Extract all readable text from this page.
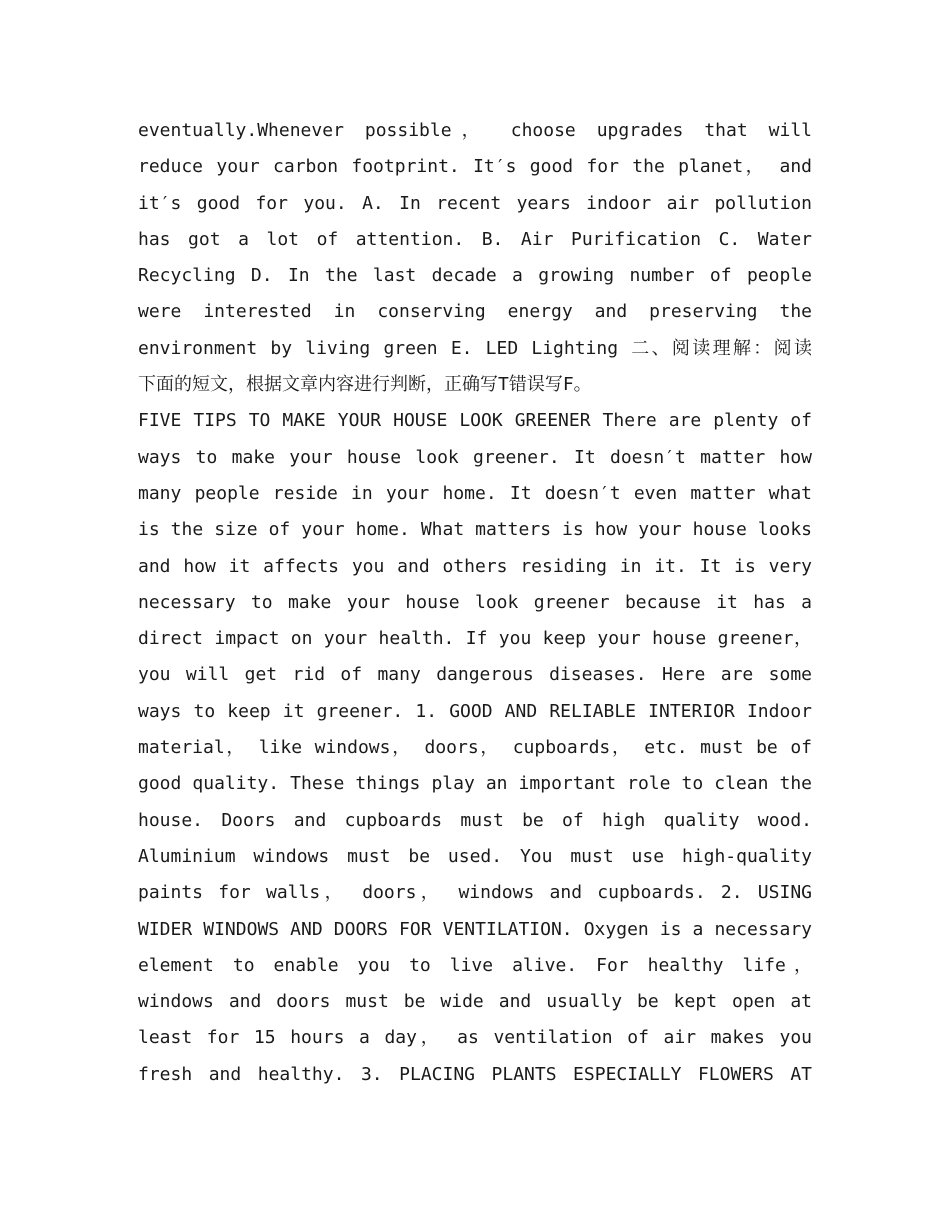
eventually.Whenever possible， choose upgrades that will
reduce your carbon footprint. It′s good for the planet， and
it′s good for you. A. In recent years indoor air pollution
has got a lot of attention. B. Air Purification C. Water
Recycling D. In the last decade a growing number of people
were interested in conserving energy and preserving the
environment by living green E. LED Lighting 二、阅读理解：阅读
下面的短文，根据文章内容进行判断，正确写T错误写F。
FIVE TIPS TO MAKE YOUR HOUSE LOOK GREENER There are plenty of
ways to make your house look greener. It doesn′t matter how
many people reside in your home. It doesn′t even matter what
is the size of your home. What matters is how your house looks
and how it affects you and others residing in it. It is very
necessary to make your house look greener because it has a
direct impact on your health. If you keep your house greener，
you will get rid of many dangerous diseases. Here are some
ways to keep it greener. 1. GOOD AND RELIABLE INTERIOR Indoor
material， like windows， doors， cupboards， etc. must be of
good quality. These things play an important role to clean the
house. Doors and cupboards must be of high quality wood.
Aluminium windows must be used. You must use high-quality
paints for walls， doors， windows and cupboards. 2. USING
WIDER WINDOWS AND DOORS FOR VENTILATION. Oxygen is a necessary
element to enable you to live alive. For healthy life，
windows and doors must be wide and usually be kept open at
least for 15 hours a day， as ventilation of air makes you
fresh and healthy. 3. PLACING PLANTS ESPECIALLY FLOWERS AT
